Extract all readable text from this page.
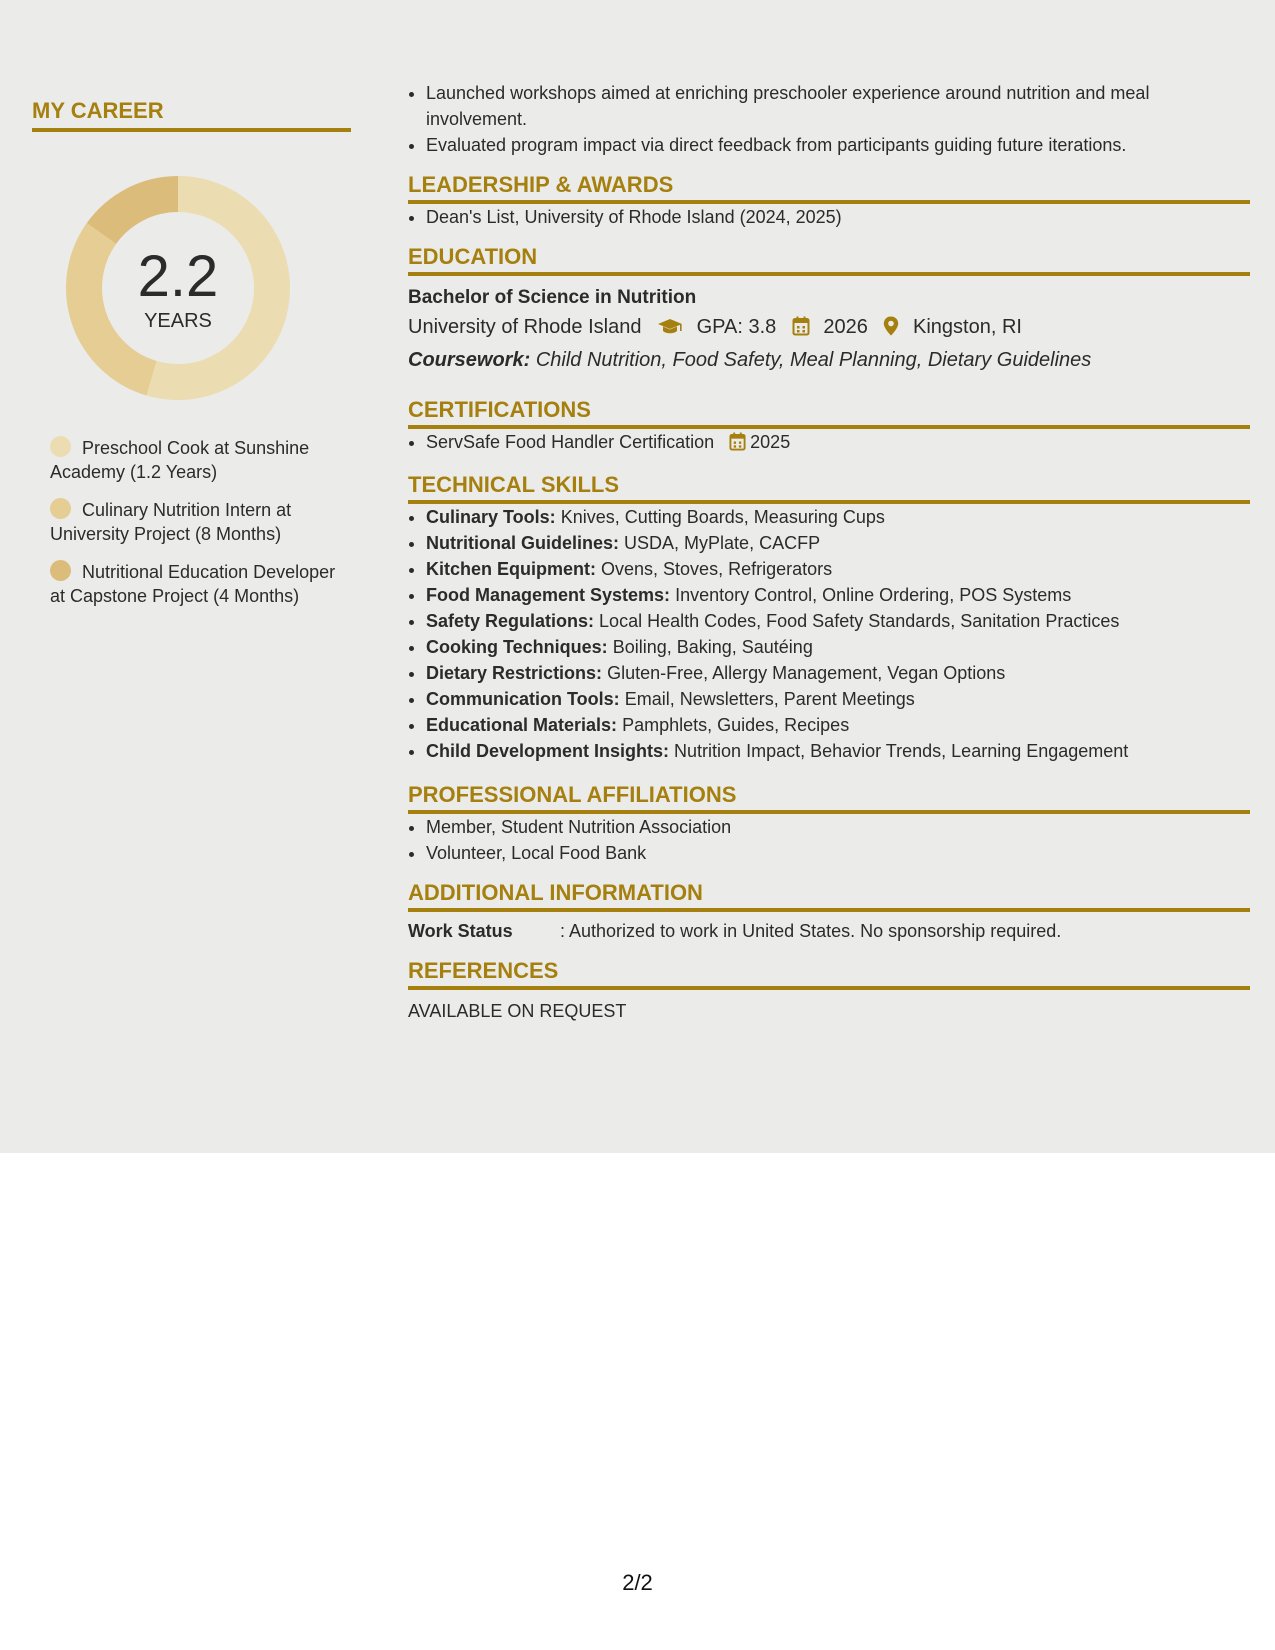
MY CAREER
2.2
YEARS
Preschool Cook at Sunshine Academy (1.2 Years)
Culinary Nutrition Intern at University Project (8 Months)
Nutritional Education Developer at Capstone Project (4 Months)
• Launched workshops aimed at enriching preschooler experience around nutrition and meal involvement.
• Evaluated program impact via direct feedback from participants guiding future iterations.
LEADERSHIP & AWARDS
• Dean's List, University of Rhode Island (2024, 2025)
EDUCATION
Bachelor of Science in Nutrition
University of Rhode Island	GPA: 3.8 2026 Kingston, RI
Coursework: Child Nutrition, Food Safety, Meal Planning, Dietary Guidelines
CERTIFICATIONS
• ServSafe Food Handler Certification 2025
TECHNICAL SKILLS
• Culinary Tools: Knives, Cutting Boards, Measuring Cups
• Nutritional Guidelines: USDA, MyPlate, CACFP
• Kitchen Equipment: Ovens, Stoves, Refrigerators
• Food Management Systems: Inventory Control, Online Ordering, POS Systems
• Safety Regulations: Local Health Codes, Food Safety Standards, Sanitation Practices
• Cooking Techniques: Boiling, Baking, Sautéing
• Dietary Restrictions: Gluten-Free, Allergy Management, Vegan Options
• Communication Tools: Email, Newsletters, Parent Meetings
• Educational Materials: Pamphlets, Guides, Recipes
• Child Development Insights: Nutrition Impact, Behavior Trends, Learning Engagement
PROFESSIONAL AFFILIATIONS
• Member, Student Nutrition Association
• Volunteer, Local Food Bank
ADDITIONAL INFORMATION
Work Status	: Authorized to work in United States. No sponsorship required.
REFERENCES
AVAILABLE ON REQUEST
2/2
